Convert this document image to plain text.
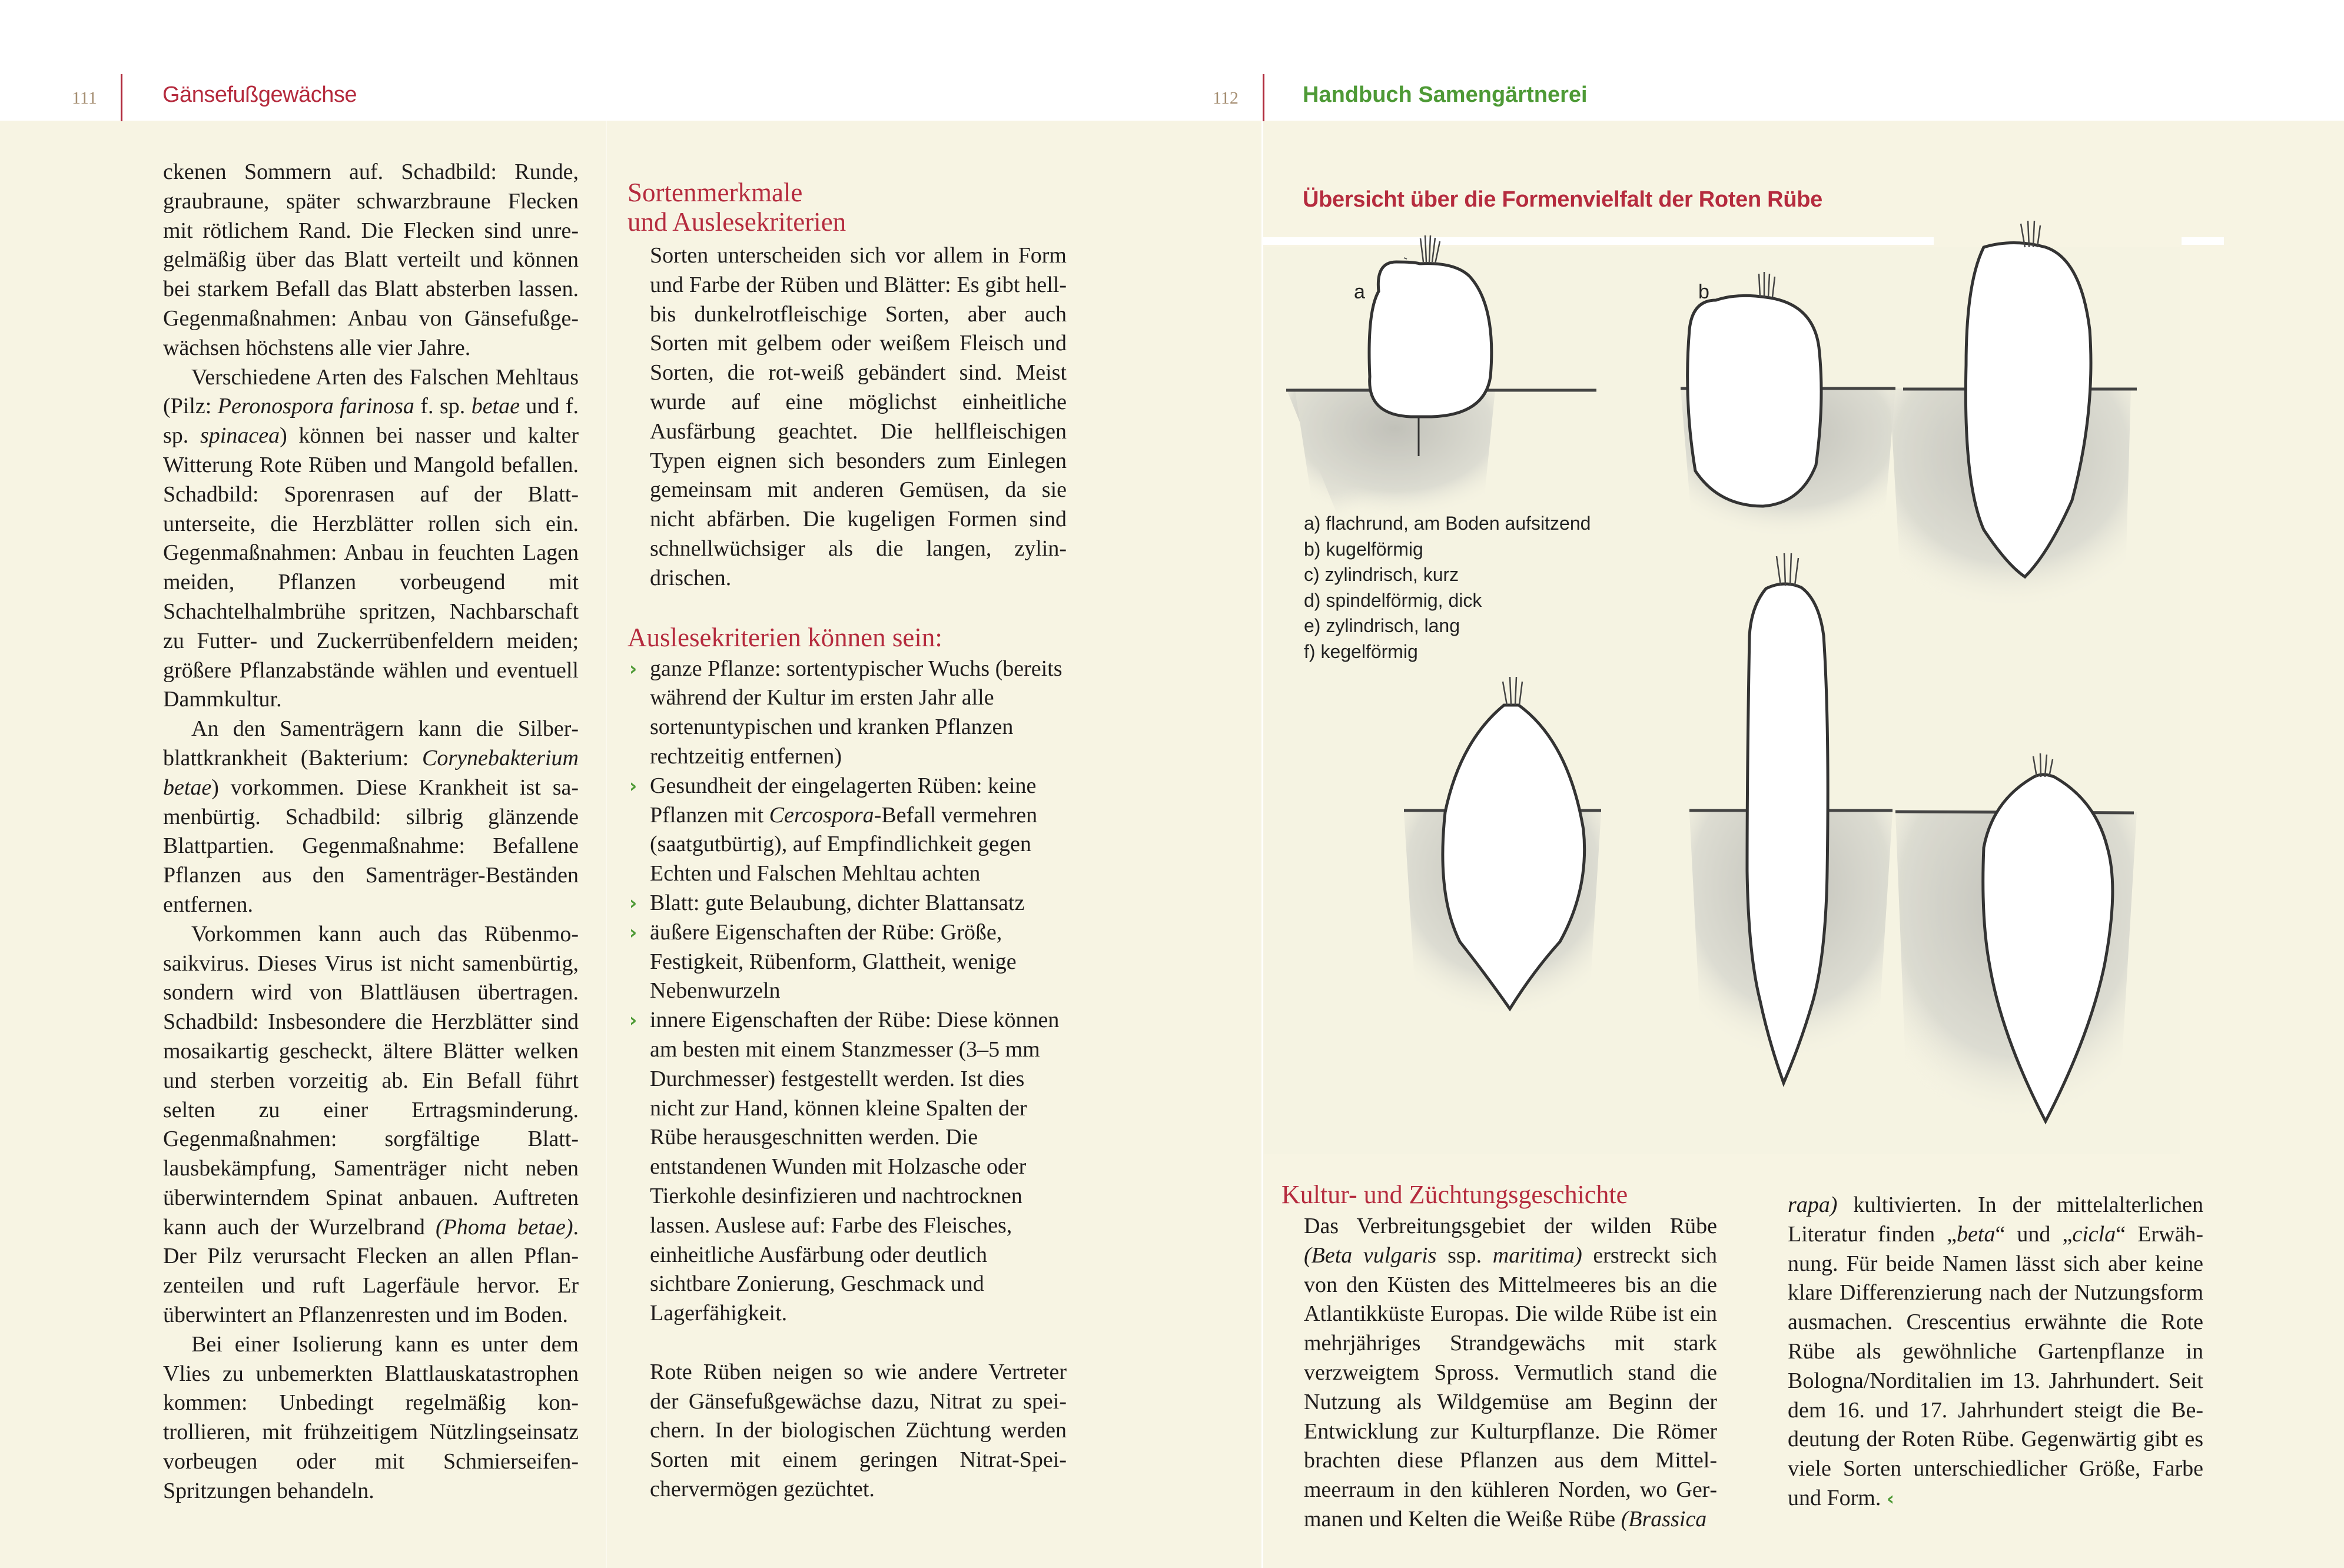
111	Gänsefußgewächse	112	Handbuch Samengärtnerei

ckenen Sommern auf. Schadbild: Runde, graubraune, später schwarzbraune Flecken mit rötlichem Rand. Die Flecken sind unregelmäßig über das Blatt verteilt und können bei starkem Befall das Blatt absterben lassen. Gegenmaßnahmen: Anbau von Gänsefußgewächsen höchstens alle vier Jahre.

Verschiedene Arten des Falschen Mehltaus (Pilz: Peronospora farinosa f. sp. betae und f. sp. spinacea) können bei nasser und kalter Witterung Rote Rüben und Mangold befallen. Schadbild: Sporenrasen auf der Blattunterseite, die Herzblätter rollen sich ein. Gegenmaßnahmen: Anbau in feuchten Lagen meiden, Pflanzen vorbeugend mit Schachtelhalmbrühe spritzen, Nachbarschaft zu Futter- und Zuckerrübenfeldern meiden; größere Pflanzabstände wählen und eventuell Dammkultur.

An den Samenträgern kann die Silberblattkrankheit (Bakterium: Corynebakterium betae) vorkommen. Diese Krankheit ist samenbürtig. Schadbild: silbrig glänzende Blattpartien. Gegenmaßnahme: Befallene Pflanzen aus den Samenträger-Beständen entfernen.

Vorkommen kann auch das Rübenmosaikvirus. Dieses Virus ist nicht samenbürtig, sondern wird von Blattläusen übertragen. Schadbild: Insbesondere die Herzblätter sind mosaikartig gescheckt, ältere Blätter welken und sterben vorzeitig ab. Ein Befall führt selten zu einer Ertragsminderung. Gegenmaßnahmen: sorgfältige Blattlausbekämpfung, Samenträger nicht neben überwinterndem Spinat anbauen. Auftreten kann auch der Wurzelbrand (Phoma betae). Der Pilz verursacht Flecken an allen Pflanzenteilen und ruft Lagerfäule hervor. Er überwintert an Pflanzenresten und im Boden.

Bei einer Isolierung kann es unter dem Vlies zu unbemerkten Blattlauskatastrophen kommen: Unbedingt regelmäßig kontrollieren, mit frühzeitigem Nützlingseinsatz vorbeugen oder mit Schmierseifen-Spritzungen behandeln.

Sortenmerkmale
und Auslesekriterien

Sorten unterscheiden sich vor allem in Form und Farbe der Rüben und Blätter: Es gibt hell- bis dunkelrotfleischige Sorten, aber auch Sorten mit gelbem oder weißem Fleisch und Sorten, die rot-weiß gebändert sind. Meist wurde auf eine möglichst einheitliche Ausfärbung geachtet. Die hellfleischigen Typen eignen sich besonders zum Einlegen gemeinsam mit anderen Gemüsen, da sie nicht abfärben. Die kugeligen Formen sind schnellwüchsiger als die langen, zylindrischen.

Auslesekriterien können sein:
› ganze Pflanze: sortentypischer Wuchs (bereits während der Kultur im ersten Jahr alle sortenuntypischen und kranken Pflanzen rechtzeitig entfernen)
› Gesundheit der eingelagerten Rüben: keine Pflanzen mit Cercospora-Befall vermehren (saatgutbürtig), auf Empfindlichkeit gegen Echten und Falschen Mehltau achten
› Blatt: gute Belaubung, dichter Blattansatz
› äußere Eigenschaften der Rübe: Größe, Festigkeit, Rübenform, Glattheit, wenige Nebenwurzeln
› innere Eigenschaften der Rübe: Diese können am besten mit einem Stanzmesser (3–5 mm Durchmesser) festgestellt werden. Ist dies nicht zur Hand, können kleine Spalten der Rübe herausgeschnitten werden. Die entstandenen Wunden mit Holzasche oder Tierkohle desinfizieren und nachtrocknen lassen. Auslese auf: Farbe des Fleisches, einheitliche Ausfärbung oder deutlich sichtbare Zonierung, Geschmack und Lagerfähigkeit.

Rote Rüben neigen so wie andere Vertreter der Gänsefußgewächse dazu, Nitrat zu speichern. In der biologischen Züchtung werden Sorten mit einem geringen Nitrat-Speichervermögen gezüchtet.

Übersicht über die Formenvielfalt der Roten Rübe
a	b
a) flachrund, am Boden aufsitzend
b) kugelförmig
c) zylindrisch, kurz
d) spindelförmig, dick
e) zylindrisch, lang
f) kegelförmig
Kultur- und Züchtungsgeschichte

Das Verbreitungsgebiet der wilden Rübe (Beta vulgaris ssp. maritima) erstreckt sich von den Küsten des Mittelmeeres bis an die Atlantikküste Europas. Die wilde Rübe ist ein mehrjähriges Strandgewächs mit stark verzweigtem Spross. Vermutlich stand die Nutzung als Wildgemüse am Beginn der Entwicklung zur Kulturpflanze. Die Römer brachten diese Pflanzen aus dem Mittelmeerraum in den kühleren Norden, wo Germanen und Kelten die Weiße Rübe (Brassica

rapa) kultivierten. In der mittelalterlichen Literatur finden „beta“ und „cicla“ Erwähnung. Für beide Namen lässt sich aber keine klare Differenzierung nach der Nutzungsform ausmachen. Crescentius erwähnte die Rote Rübe als gewöhnliche Gartenpflanze in Bologna/Norditalien im 13. Jahrhundert. Seit dem 16. und 17. Jahrhundert steigt die Bedeutung der Roten Rübe. Gegenwärtig gibt es viele Sorten unterschiedlicher Größe, Farbe und Form. ‹
